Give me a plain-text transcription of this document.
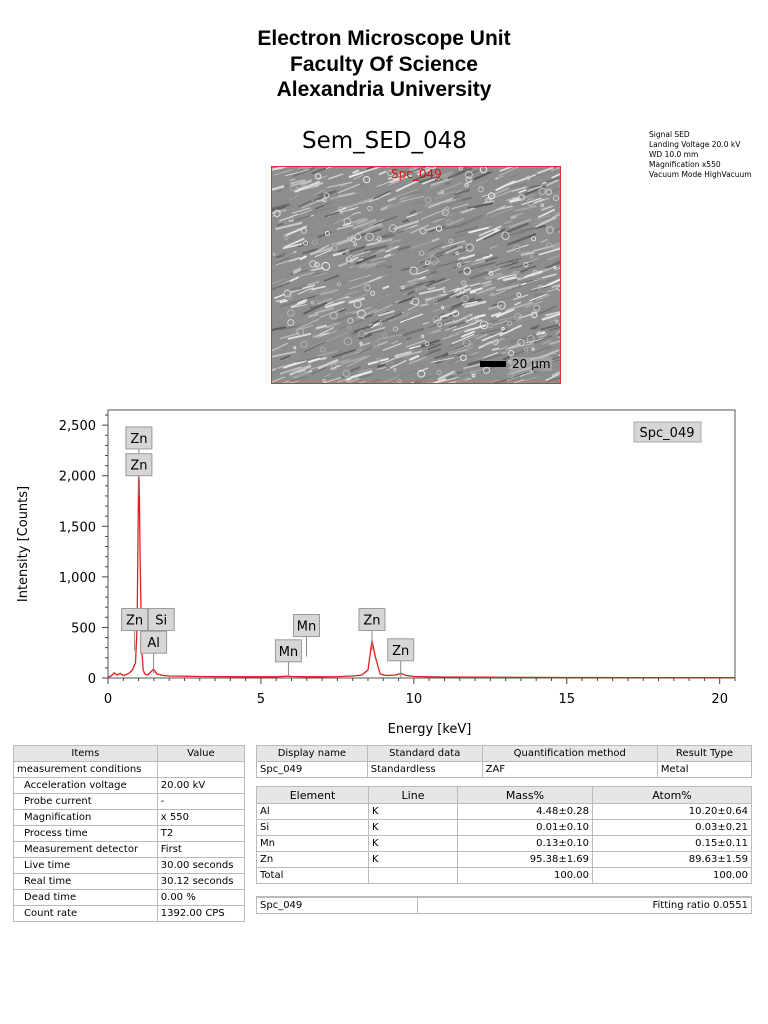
Electron Microscope Unit
Faculty Of Science
Alexandria University
Sem_SED_048	Signal SED
Landing Voltage 20.0 kV
WD 10.0 mm
Magnification x550
Vacuum Mode HighVacuum
Spc_049
20 µm
0
500
1,000
1,500
2,000
2,500
0	5	10	15	20
Energy [keV]
Intensity [Counts]
Zn
Zn
Zn Si
Al
Mn
Mn
Zn
Zn
Spc_049
Items	Value
measurement conditions	
Acceleration voltage	20.00 kV
Probe current	-
Magnification	x 550
Process time	T2
Measurement detector	First
Live time	30.00 seconds
Real time	30.12 seconds
Dead time	0.00 %
Count rate	1392.00 CPS
Display name	Standard data	Quantification method	Result Type
Spc_049	Standardless	ZAF	Metal
Element	Line	Mass%	Atom%
Al	K	4.48±0.28	10.20±0.64
Si	K	0.01±0.10	0.03±0.21
Mn	K	0.13±0.10	0.15±0.11
Zn	K	95.38±1.69	89.63±1.59
Total		100.00	100.00
Spc_049	Fitting ratio 0.0551
